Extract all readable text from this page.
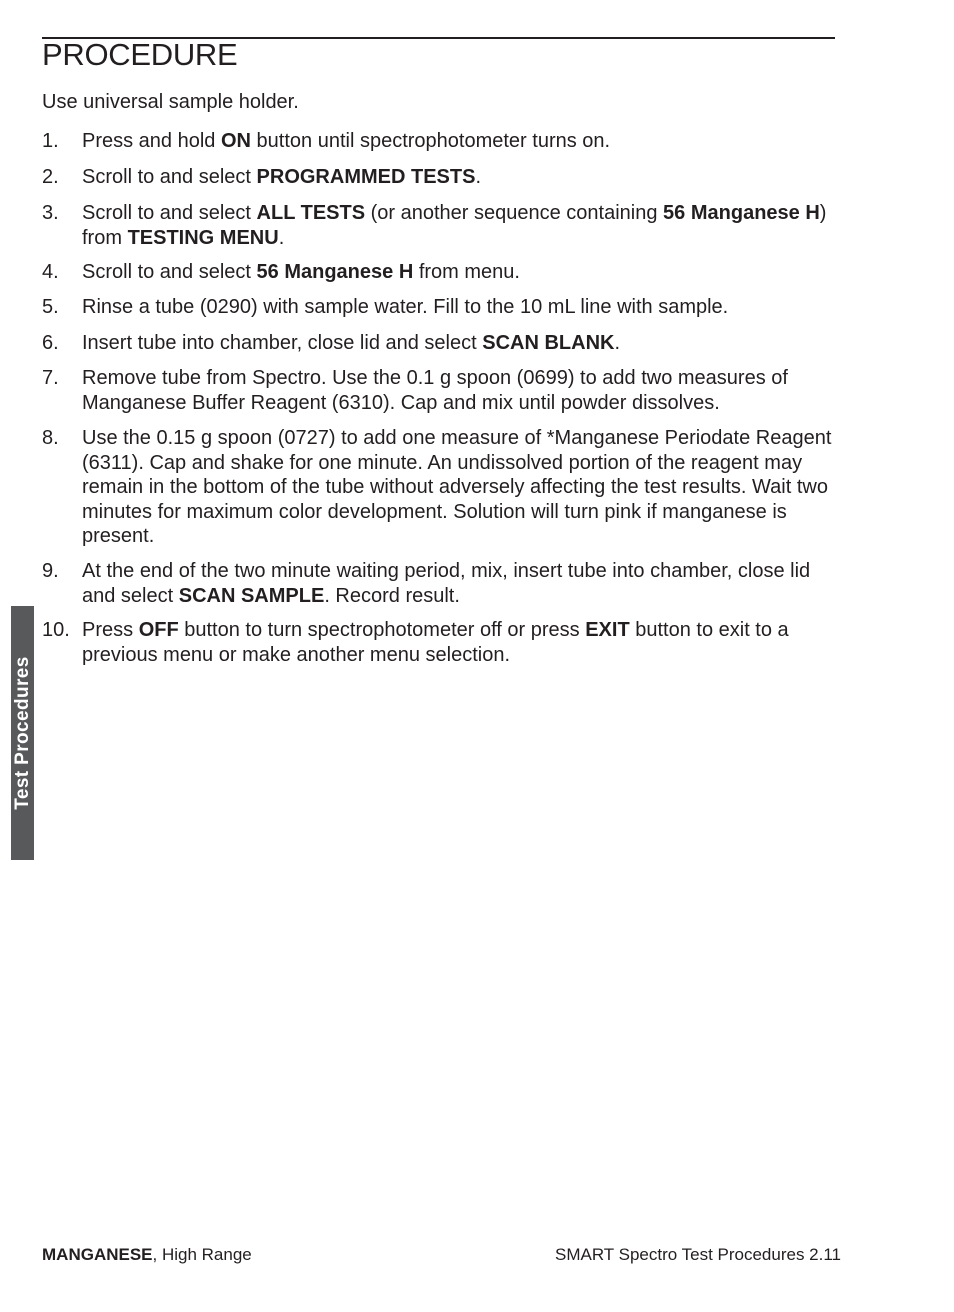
PROCEDURE
Use universal sample holder.
1. Press and hold ON button until spectrophotometer turns on.
2. Scroll to and select PROGRAMMED TESTS.
3. Scroll to and select ALL TESTS (or another sequence containing 56 Manganese H) from TESTING MENU.
4. Scroll to and select 56 Manganese H from menu.
5. Rinse a tube (0290) with sample water. Fill to the 10 mL line with sample.
6. Insert tube into chamber, close lid and select SCAN BLANK.
7. Remove tube from Spectro. Use the 0.1 g spoon (0699) to add two measures of Manganese Buffer Reagent (6310). Cap and mix until powder dissolves.
8. Use the 0.15 g spoon (0727) to add one measure of *Manganese Periodate Reagent (6311). Cap and shake for one minute. An undissolved portion of the reagent may remain in the bottom of the tube without adversely affecting the test results. Wait two minutes for maximum color development. Solution will turn pink if manganese is present.
9. At the end of the two minute waiting period, mix, insert tube into chamber, close lid and select SCAN SAMPLE. Record result.
10. Press OFF button to turn spectrophotometer off or press EXIT button to exit to a previous menu or make another menu selection.
Test Procedures
MANGANESE, High Range	SMART Spectro Test Procedures 2.11
